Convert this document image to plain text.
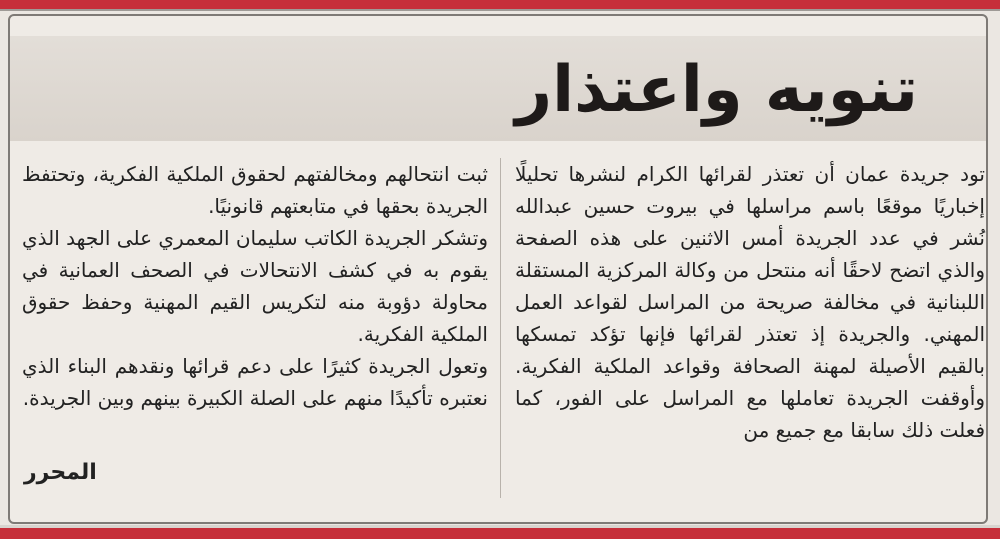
تنويه واعتذار

تود جريدة عمان أن تعتذر لقرائها الكرام لنشرها تحليلًا إخباريًا موقعًا باسم مراسلها في بيروت حسين عبدالله نُشر في عدد الجريدة أمس الاثنين على هذه الصفحة والذي اتضح لاحقًا أنه منتحل من وكالة المركزية المستقلة اللبنانية في مخالفة صريحة من المراسل لقواعد العمل المهني. والجريدة إذ تعتذر لقرائها فإنها تؤكد تمسكها بالقيم الأصيلة لمهنة الصحافة وقواعد الملكية الفكرية. وأوقفت الجريدة تعاملها مع المراسل على الفور، كما فعلت ذلك سابقا مع جميع من

ثبت انتحالهم ومخالفتهم لحقوق الملكية الفكرية، وتحتفظ الجريدة بحقها في متابعتهم قانونيًا.

وتشكر الجريدة الكاتب سليمان المعمري على الجهد الذي يقوم به في كشف الانتحالات في الصحف العمانية في محاولة دؤوبة منه لتكريس القيم المهنية وحفظ حقوق الملكية الفكرية.

وتعول الجريدة كثيرًا على دعم قرائها ونقدهم البناء الذي نعتبره تأكيدًا منهم على الصلة الكبيرة بينهم وبين الجريدة.

المحرر
